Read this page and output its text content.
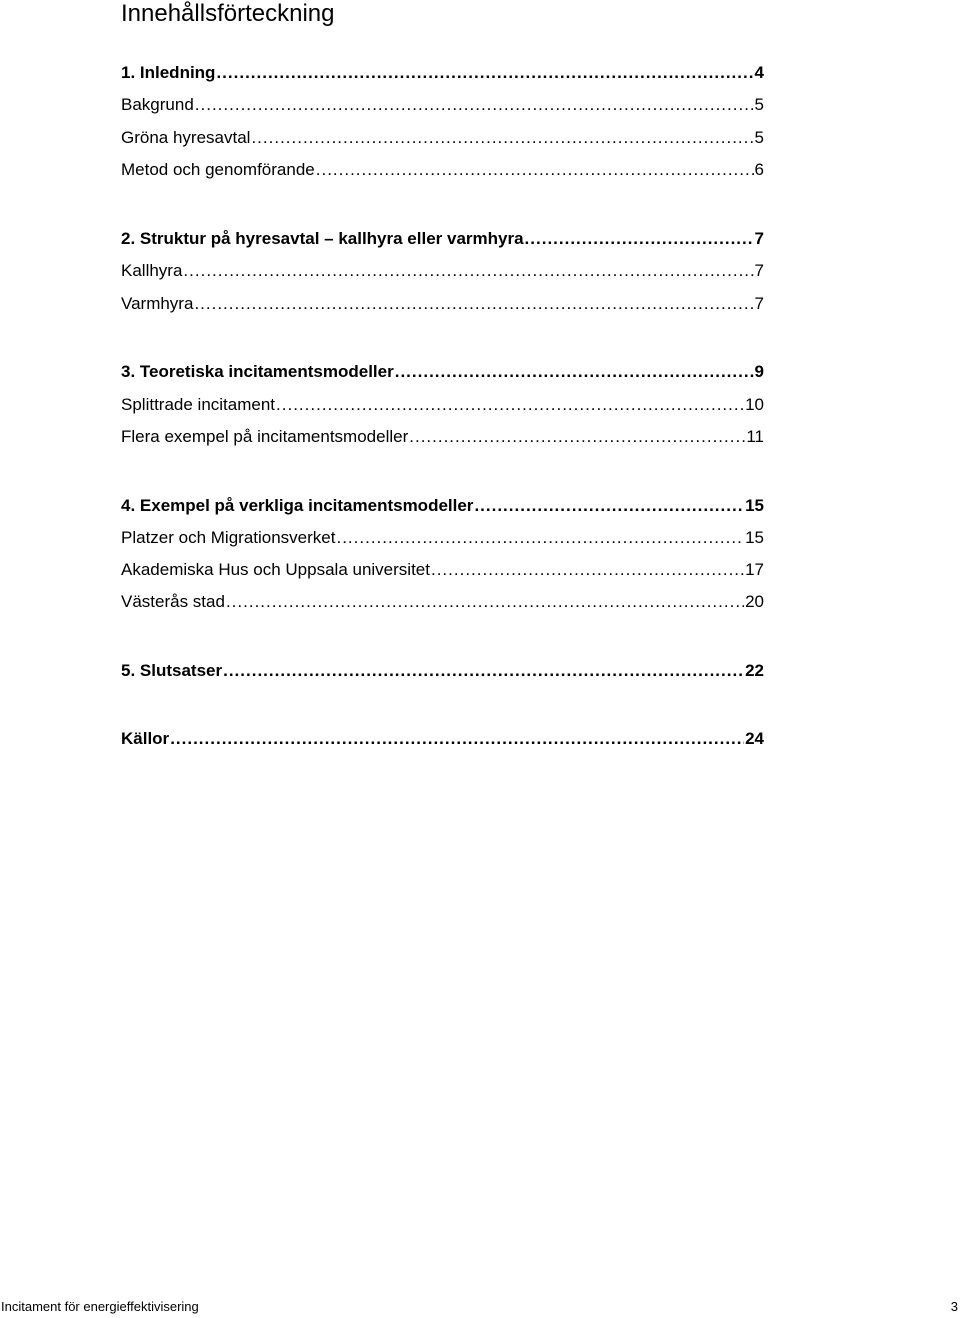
Innehållsförteckning
1. Inledning .....	4
Bakgrund .....	5
Gröna hyresavtal .....	5
Metod och genomförande .....	6
2. Struktur på hyresavtal – kallhyra eller varmhyra .....	7
Kallhyra .....	7
Varmhyra .....	7
3. Teoretiska incitamentsmodeller .....	9
Splittrade incitament .....	10
Flera exempel på incitamentsmodeller .....	11
4. Exempel på verkliga incitamentsmodeller .....	15
Platzer och Migrationsverket .....	15
Akademiska Hus och Uppsala universitet .....	17
Västerås stad .....	20
5. Slutsatser .....	22
Källor .....	24
Incitament för energieffektivisering	3
